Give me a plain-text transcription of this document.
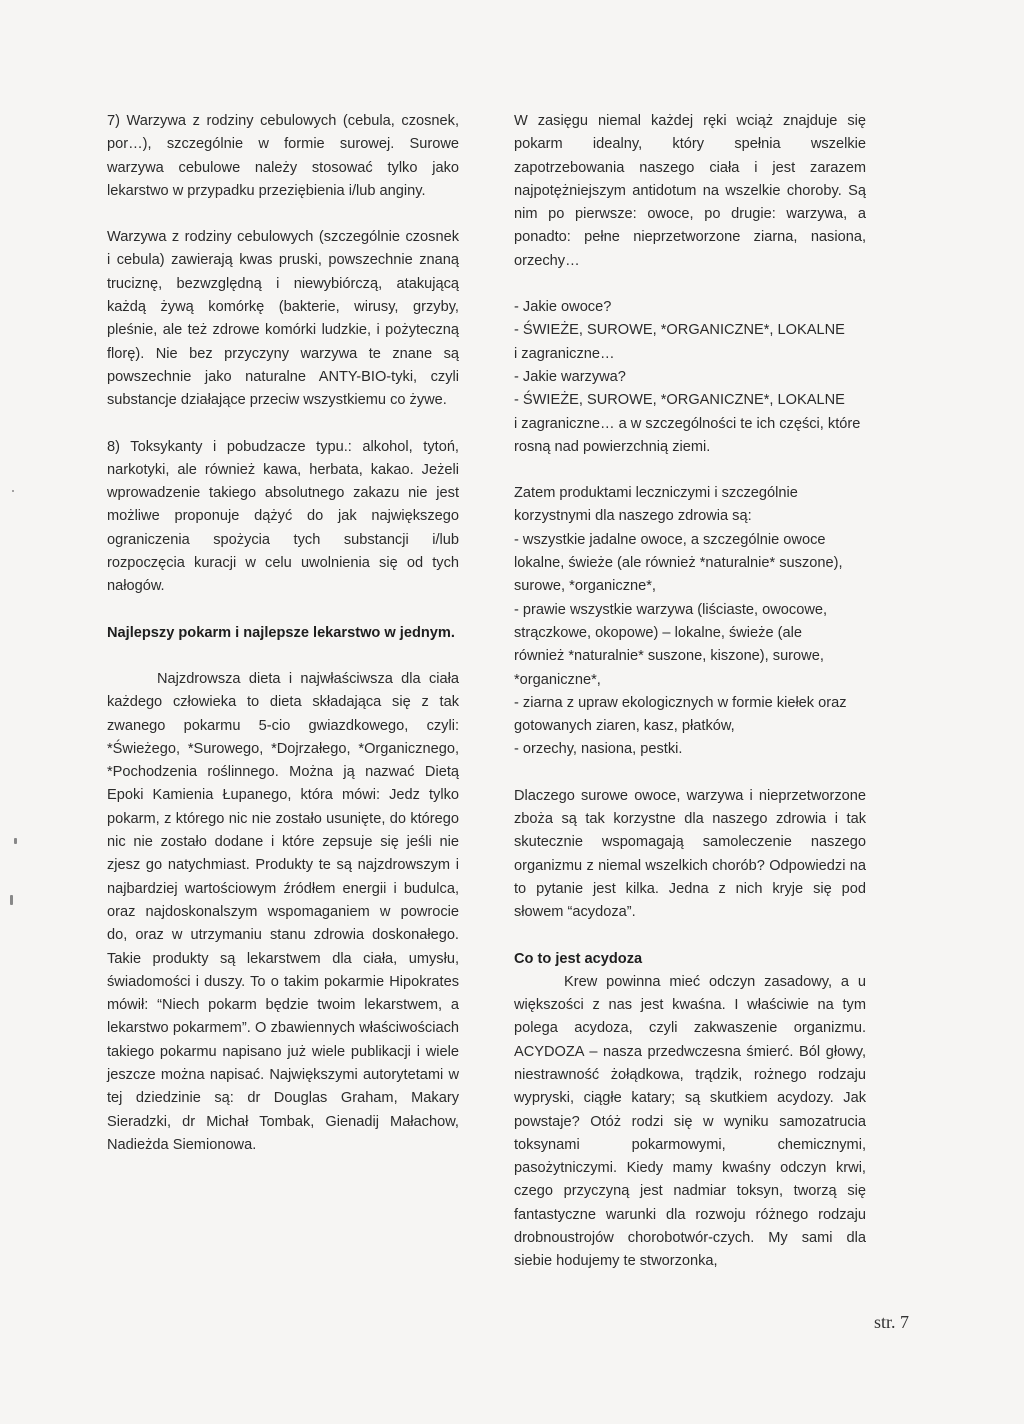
7) Warzywa z rodziny cebulowych (cebula, czosnek, por…), szczególnie w formie surowej. Surowe warzywa cebulowe należy stosować tylko jako lekarstwo w przypadku przeziębienia i/lub anginy.

Warzywa z rodziny cebulowych (szczególnie czosnek i cebula) zawierają kwas pruski, powszechnie znaną truciznę, bezwzględną i niewybiórczą, atakującą każdą żywą komórkę (bakterie, wirusy, grzyby, pleśnie, ale też zdrowe komórki ludzkie, i pożyteczną florę). Nie bez przyczyny warzywa te znane są powszechnie jako naturalne ANTY-BIO-tyki, czyli substancje działające przeciw wszystkiemu co żywe.

8) Toksykanty i pobudzacze typu.: alkohol, tytoń, narkotyki, ale również kawa, herbata, kakao. Jeżeli wprowadzenie takiego absolutnego zakazu nie jest możliwe proponuje dążyć do jak największego ograniczenia spożycia tych substancji i/lub rozpoczęcia kuracji w celu uwolnienia się od tych nałogów.

Najlepszy pokarm i najlepsze lekarstwo w jednym.

Najzdrowsza dieta i najwłaściwsza dla ciała każdego człowieka to dieta składająca się z tak zwanego pokarmu 5-cio gwiazdkowego, czyli: *Świeżego, *Surowego, *Dojrzałego, *Organicznego, *Pochodzenia roślinnego. Można ją nazwać Dietą Epoki Kamienia Łupanego, która mówi: Jedz tylko pokarm, z którego nic nie zostało usunięte, do którego nic nie zostało dodane i które zepsuje się jeśli nie zjesz go natychmiast. Produkty te są najzdrowszym i najbardziej wartościowym źródłem energii i budulca, oraz najdoskonalszym wspomaganiem w powrocie do, oraz w utrzymaniu stanu zdrowia doskonałego. Takie produkty są lekarstwem dla ciała, umysłu, świadomości i duszy. To o takim pokarmie Hipokrates mówił: “Niech pokarm będzie twoim lekarstwem, a lekarstwo pokarmem”. O zbawiennych właściwościach takiego pokarmu napisano już wiele publikacji i wiele jeszcze można napisać. Największymi autorytetami w tej dziedzinie są: dr Douglas Graham, Makary Sieradzki, dr Michał Tombak, Gienadij Małachow, Nadieżda Siemionowa.

W zasięgu niemal każdej ręki wciąż znajduje się pokarm idealny, który spełnia wszelkie zapotrzebowania naszego ciała i jest zarazem najpotężniejszym antidotum na wszelkie choroby. Są nim po pierwsze: owoce, po drugie: warzywa, a ponadto: pełne nieprzetworzone ziarna, nasiona, orzechy…

- Jakie owoce?
- ŚWIEŻE, SUROWE, *ORGANICZNE*, LOKALNE
i zagraniczne…
- Jakie warzywa?
- ŚWIEŻE, SUROWE, *ORGANICZNE*, LOKALNE
i zagraniczne… a w szczególności te ich części, które
rosną nad powierzchnią ziemi.
Zatem produktami leczniczymi i szczególnie
korzystnymi dla naszego zdrowia są:
- wszystkie jadalne owoce, a szczególnie owoce
lokalne, świeże (ale również *naturalnie* suszone),
surowe, *organiczne*,
- prawie wszystkie warzywa (liściaste, owocowe,
strączkowe, okopowe) – lokalne, świeże (ale
również *naturalnie* suszone, kiszone), surowe,
*organiczne*,
- ziarna z upraw ekologicznych w formie kiełek oraz
gotowanych ziaren, kasz, płatków,
- orzechy, nasiona, pestki.

Dlaczego surowe owoce, warzywa i nieprzetworzone zboża są tak korzystne dla naszego zdrowia i tak skutecznie wspomagają samoleczenie naszego organizmu z niemal wszelkich chorób? Odpowiedzi na to pytanie jest kilka. Jedna z nich kryje się pod słowem “acydoza”.

Co to jest acydoza

Krew powinna mieć odczyn zasadowy, a u większości z nas jest kwaśna. I właściwie na tym polega acydoza, czyli zakwaszenie organizmu. ACYDOZA – nasza przedwczesna śmierć. Ból głowy, niestrawność żołądkowa, trądzik, rożnego rodzaju wypryski, ciągłe katary; są skutkiem acydozy. Jak powstaje? Otóż rodzi się w wyniku samozatrucia toksynami pokarmowymi, chemicznymi, pasożytniczymi. Kiedy mamy kwaśny odczyn krwi, czego przyczyną jest nadmiar toksyn, tworzą się fantastyczne warunki dla rozwoju różnego rodzaju drobnoustrojów chorobotwór-czych. My sami dla siebie hodujemy te stworzonka,

str. 7
